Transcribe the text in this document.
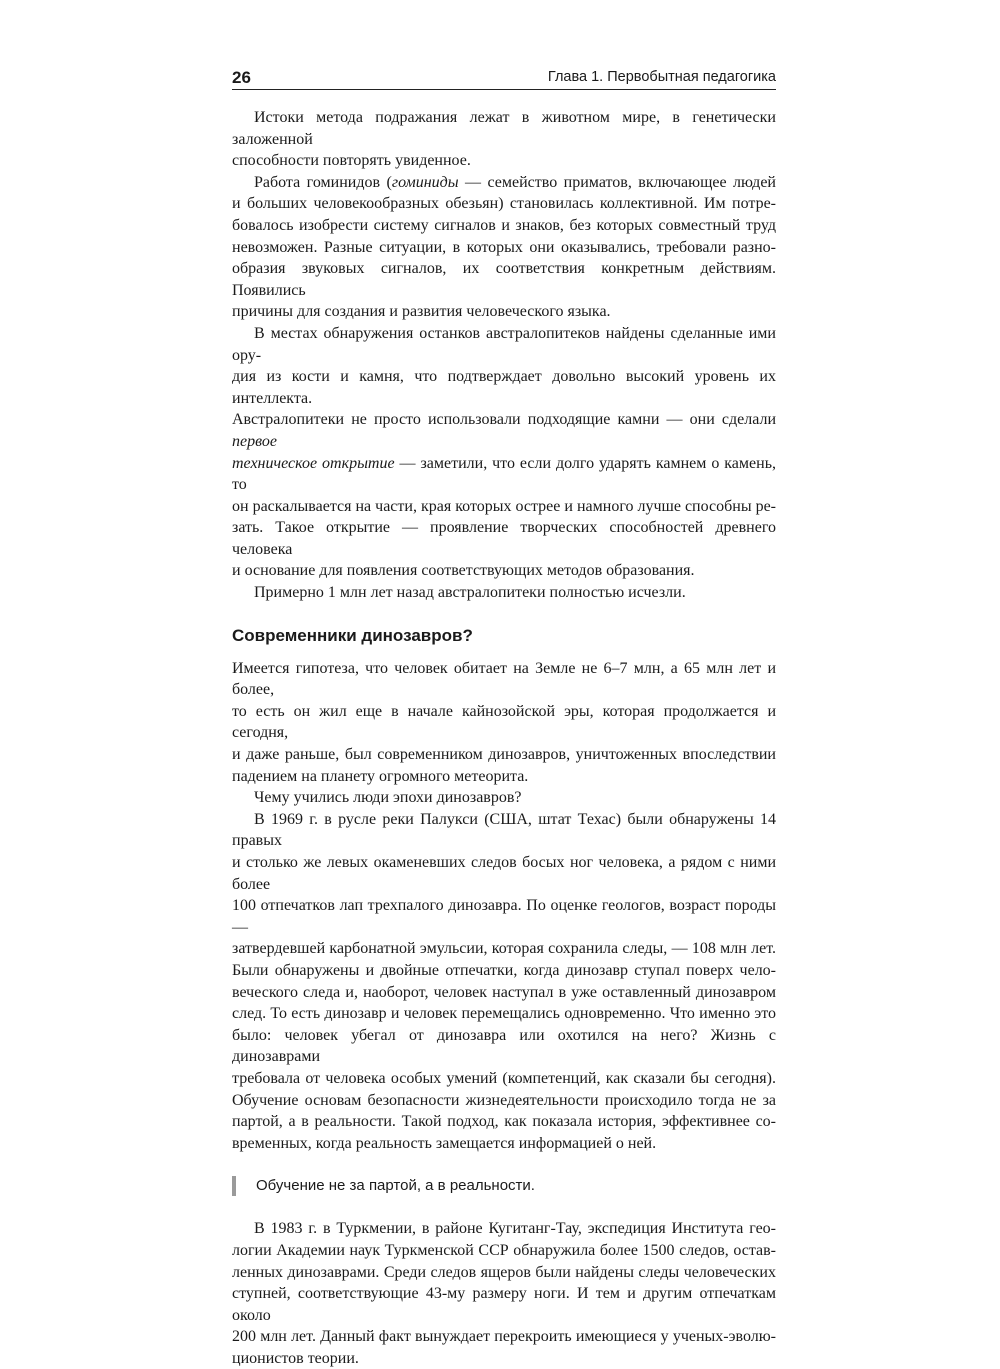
26	Глава 1. Первобытная педагогика
Истоки метода подражания лежат в животном мире, в генетически заложенной
способности повторять увиденное.
Работа гоминидов (гоминиды — семейство приматов, включающее людей
и больших человекообразных обезьян) становилась коллективной. Им потре-
бовалось изобрести систему сигналов и знаков, без которых совместный труд
невозможен. Разные ситуации, в которых они оказывались, требовали разно-
образия звуковых сигналов, их соответствия конкретным действиям. Появились
причины для создания и развития человеческого языка.
В местах обнаружения останков австралопитеков найдены сделанные ими ору-
дия из кости и камня, что подтверждает довольно высокий уровень их интеллекта.
Австралопитеки не просто использовали подходящие камни — они сделали первое
техническое открытие — заметили, что если долго ударять камнем о камень, то
он раскалывается на части, края которых острее и намного лучше способны ре-
зать. Такое открытие — проявление творческих способностей древнего человека
и основание для появления соответствующих методов образования.
Примерно 1 млн лет назад австралопитеки полностью исчезли.
Современники динозавров?
Имеется гипотеза, что человек обитает на Земле не 6–7 млн, а 65 млн лет и более,
то есть он жил еще в начале кайнозойской эры, которая продолжается и сегодня,
и даже раньше, был современником динозавров, уничтоженных впоследствии
падением на планету огромного метеорита.
Чему учились люди эпохи динозавров?
В 1969 г. в русле реки Палукси (США, штат Техас) были обнаружены 14 правых
и столько же левых окаменевших следов босых ног человека, а рядом с ними более
100 отпечатков лап трехпалого динозавра. По оценке геологов, возраст породы —
затвердевшей карбонатной эмульсии, которая сохранила следы, — 108 млн лет.
Были обнаружены и двойные отпечатки, когда динозавр ступал поверх чело-
веческого следа и, наоборот, человек наступал в уже оставленный динозавром
след. То есть динозавр и человек перемещались одновременно. Что именно это
было: человек убегал от динозавра или охотился на него? Жизнь с динозаврами
требовала от человека особых умений (компетенций, как сказали бы сегодня).
Обучение основам безопасности жизнедеятельности происходило тогда не за
партой, а в реальности. Такой подход, как показала история, эффективнее со-
временных, когда реальность замещается информацией о ней.
Обучение не за партой, а в реальности.
В 1983 г. в Туркмении, в районе Кугитанг-Тау, экспедиция Института гео-
логии Академии наук Туркменской ССР обнаружила более 1500 следов, остав-
ленных динозаврами. Среди следов ящеров были найдены следы человеческих
ступней, соответствующие 43-му размеру ноги. И тем и другим отпечаткам около
200 млн лет. Данный факт вынуждает перекроить имеющиеся у ученых-эволю-
ционистов теории.
